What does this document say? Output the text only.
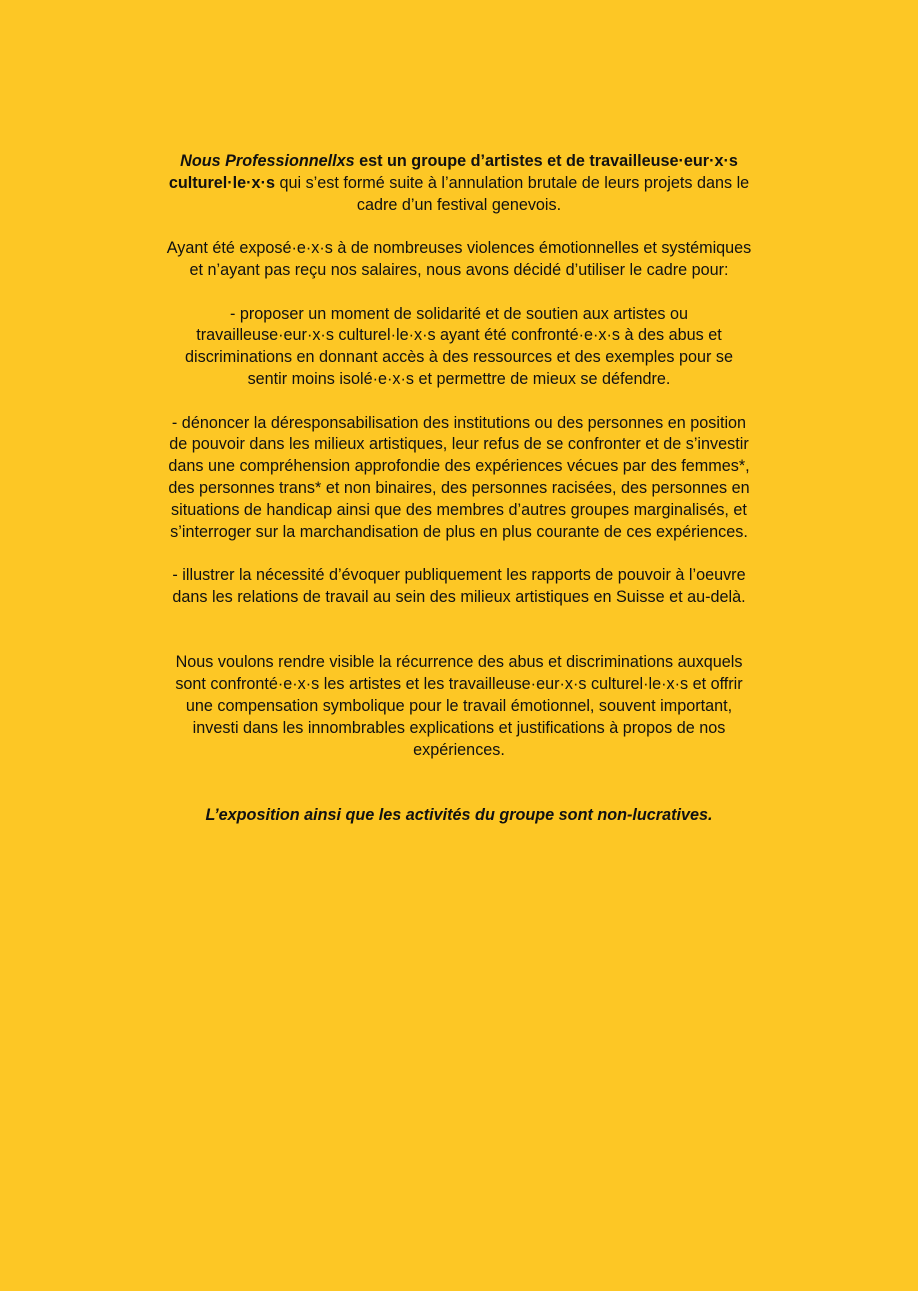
Nous Professionnellxs est un groupe d’artistes et de travailleuse·eur·x·s
culturel·le·x·s qui s’est formé suite à l’annulation brutale de leurs projets dans le
cadre d’un festival genevois.

Ayant été exposé·e·x·s à de nombreuses violences émotionnelles et systémiques
et n’ayant pas reçu nos salaires, nous avons décidé d’utiliser le cadre pour:

- proposer un moment de solidarité et de soutien aux artistes ou
travailleuse·eur·x·s culturel·le·x·s ayant été confronté·e·x·s à des abus et
discriminations en donnant accès à des ressources et des exemples pour se
sentir moins isolé·e·x·s et permettre de mieux se défendre.

- dénoncer la déresponsabilisation des institutions ou des personnes en position
de pouvoir dans les milieux artistiques, leur refus de se confronter et de s’investir
dans une compréhension approfondie des expériences vécues par des femmes*,
des personnes trans* et non binaires, des personnes racisées, des personnes en
situations de handicap ainsi que des membres d’autres groupes marginalisés, et
s’interroger sur la marchandisation de plus en plus courante de ces expériences.

- illustrer la nécessité d’évoquer publiquement les rapports de pouvoir à l’oeuvre
dans les relations de travail au sein des milieux artistiques en Suisse et au-delà.

Nous voulons rendre visible la récurrence des abus et discriminations auxquels
sont confronté·e·x·s les artistes et les travailleuse·eur·x·s culturel·le·x·s et offrir
une compensation symbolique pour le travail émotionnel, souvent important,
investi dans les innombrables explications et justifications à propos de nos
expériences.

L’exposition ainsi que les activités du groupe sont non-lucratives.
